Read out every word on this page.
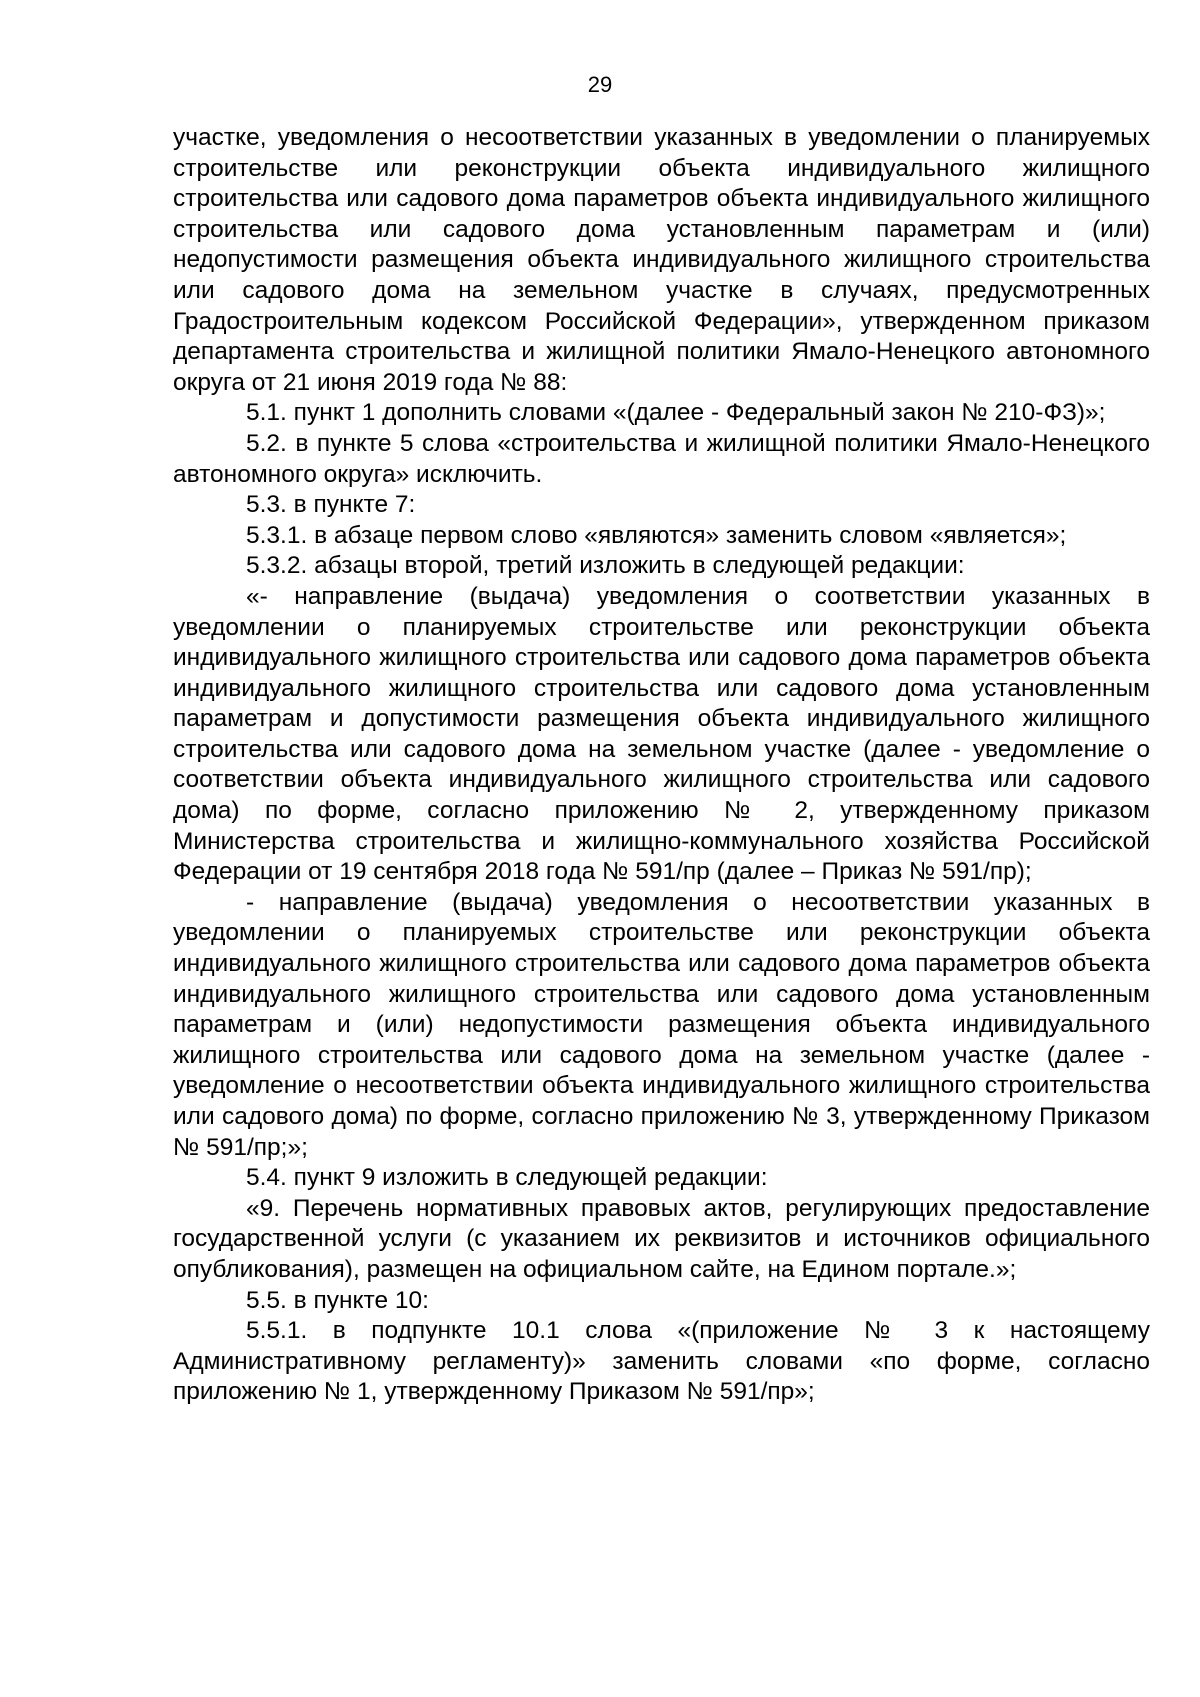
29

участке, уведомления о несоответствии указанных в уведомлении о планируемых строительстве или реконструкции объекта индивидуального жилищного строительства или садового дома параметров объекта индивидуального жилищного строительства или садового дома установленным параметрам и (или) недопустимости размещения объекта индивидуального жилищного строительства или садового дома на земельном участке в случаях, предусмотренных Градостроительным кодексом Российской Федерации», утвержденном приказом департамента строительства и жилищной политики Ямало-Ненецкого автономного округа от 21 июня 2019 года № 88:

5.1. пункт 1 дополнить словами «(далее - Федеральный закон № 210-ФЗ)»;

5.2. в пункте 5 слова «строительства и жилищной политики Ямало-Ненецкого автономного округа» исключить.

5.3. в пункте 7:

5.3.1. в абзаце первом слово «являются» заменить словом «является»;

5.3.2. абзацы второй, третий изложить в следующей редакции:

«- направление (выдача) уведомления о соответствии указанных в уведомлении о планируемых строительстве или реконструкции объекта индивидуального жилищного строительства или садового дома параметров объекта индивидуального жилищного строительства или садового дома установленным параметрам и допустимости размещения объекта индивидуального жилищного строительства или садового дома на земельном участке (далее - уведомление о соответствии объекта индивидуального жилищного строительства или садового дома) по форме, согласно приложению № 2, утвержденному приказом Министерства строительства и жилищно-коммунального хозяйства Российской Федерации от 19 сентября 2018 года № 591/пр (далее – Приказ № 591/пр);

- направление (выдача) уведомления о несоответствии указанных в уведомлении о планируемых строительстве или реконструкции объекта индивидуального жилищного строительства или садового дома параметров объекта индивидуального жилищного строительства или садового дома установленным параметрам и (или) недопустимости размещения объекта индивидуального жилищного строительства или садового дома на земельном участке (далее - уведомление о несоответствии объекта индивидуального жилищного строительства или садового дома) по форме, согласно приложению № 3, утвержденному Приказом № 591/пр;»;

5.4. пункт 9 изложить в следующей редакции:

«9. Перечень нормативных правовых актов, регулирующих предоставление государственной услуги (с указанием их реквизитов и источников официального опубликования), размещен на официальном сайте, на Едином портале.»;

5.5. в пункте 10:

5.5.1. в подпункте 10.1 слова «(приложение № 3 к настоящему Административному регламенту)» заменить словами «по форме, согласно приложению № 1, утвержденному Приказом № 591/пр»;
